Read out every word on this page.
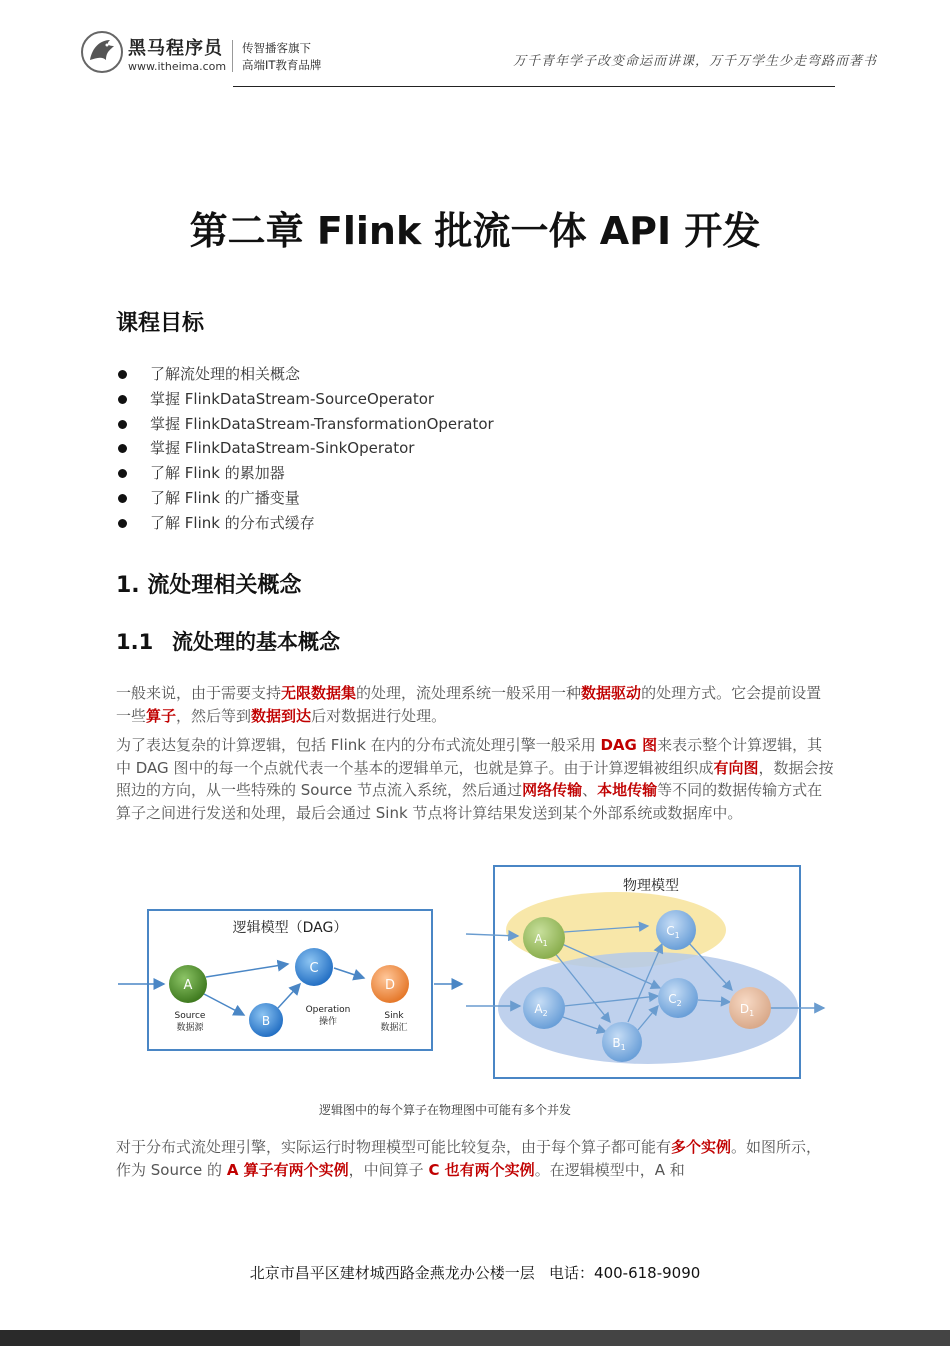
黑马程序员
www.itheima.com
传智播客旗下
高端IT教育品牌	万千青年学子改变命运而讲课，万千万学生少走弯路而著书
第二章 Flink 批流一体 API 开发
课程目标
了解流处理的相关概念
掌握 FlinkDataStream-SourceOperator
掌握 FlinkDataStream-TransformationOperator
掌握 FlinkDataStream-SinkOperator
了解 Flink 的累加器
了解 Flink 的广播变量
了解 Flink 的分布式缓存
1. 流处理相关概念
1.1 流处理的基本概念

一般来说，由于需要支持无限数据集的处理，流处理系统一般采用一种数据驱动的处理方式。它会提前设置一些算子，然后等到数据到达后对数据进行处理。

为了表达复杂的计算逻辑，包括 Flink 在内的分布式流处理引擎一般采用 DAG 图来表示整个计算逻辑，其中 DAG 图中的每一个点就代表一个基本的逻辑单元，也就是算子。由于计算逻辑被组织成有向图，数据会按照边的方向，从一些特殊的 Source 节点流入系统，然后通过网络传输、本地传输等不同的数据传输方式在算子之间进行发送和处理，最后会通过 Sink 节点将计算结果发送到某个外部系统或数据库中。

逻辑模型（DAG）
A
B
C
D
Source
数据源
Operation
操作
Sink
数据汇
物理模型
$A_1$
$A_2$
$B_1$
$C_1$
$C_2$	$D_1$
逻辑图中的每个算子在物理图中可能有多个并发

对于分布式流处理引擎，实际运行时物理模型可能比较复杂，由于每个算子都可能有多个实例。如图所示，作为 Source 的 A 算子有两个实例，中间算子 C 也有两个实例。在逻辑模型中，A 和

北京市昌平区建材城西路金燕龙办公楼一层 电话：400-618-9090
